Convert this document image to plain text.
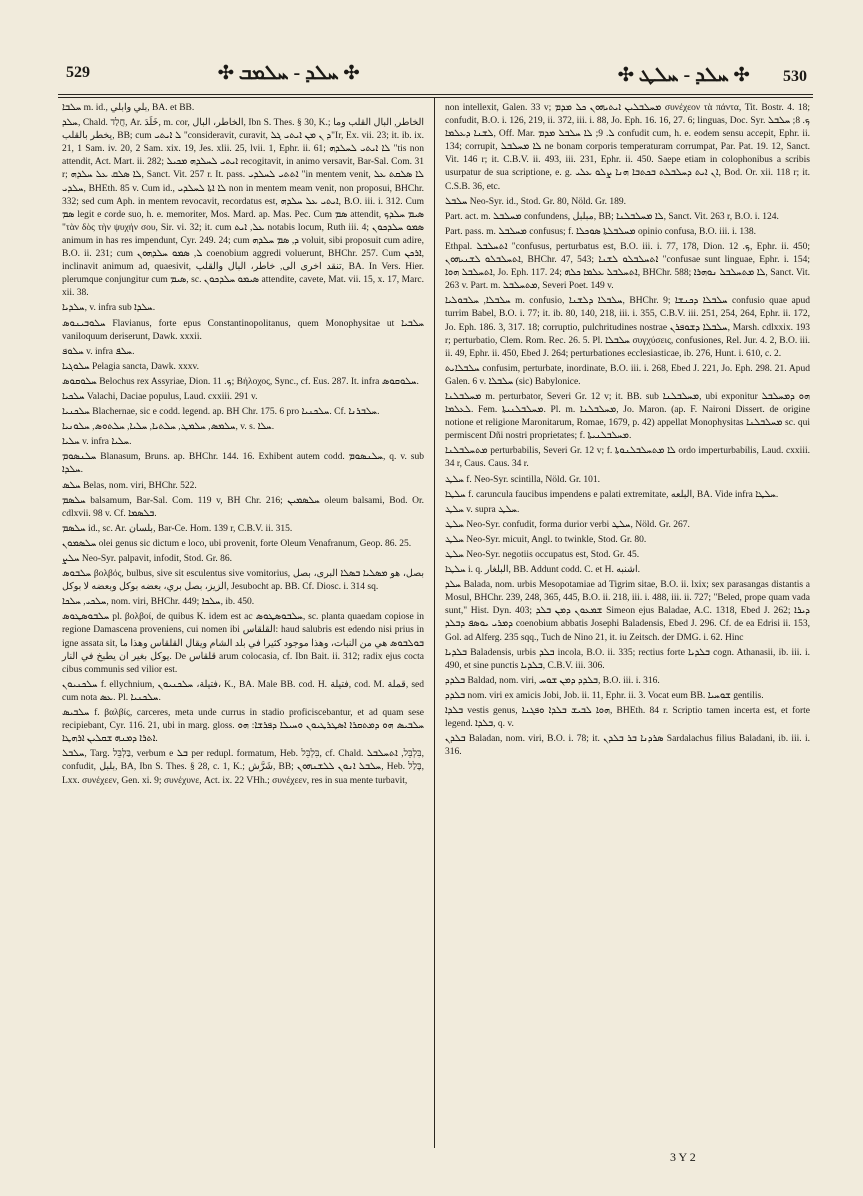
529	✣ ܚܠܕ - ܚܠܡܒ ✣	✣ ܚܠܕ - ܚܠܛ ✣ 530
ܚܠܒܐ m. id., بلي وابلي, BA. et BB.
ܚܠܕ, Chald. חֲלַד, Ar. خَلَدَ, m. cor, الخاطر، البال, Ibn S. Thes. § 30, K.; الخاطر, البال القلب وما يخطر بالقلب, BB; cum ܠ ܐܝܬܝ "consideravit, curavit, ܕ ܢ ܡܢ ܐܝܬܝ ܓܠ"Ir, Ex. vii. 23; it. ib. ix. 21, 1 Sam. iv. 20, 2 Sam. xix. 19, Jes. xlii. 25, lvii. 1, Ephr. ii. 61; ܠܐ ܐܝܬܝ ܠܚܠܕܗ "tis non attendit, Act. Mart. ii. 282; ܐܝܬܝ ܠܚܠܕܗ ܡܟܝܠ recogitavit, in animo versavit, Bar-Sal. Com. 31 r; ܠܐ ܣܠܩ ܥܠ ܚܠܕܗ, Sanct. Vit. 257 r. It. pass. ܐܬܬܝ ܠܚܠܕܝ "in mentem venit, ܠܐ ܣܠܩܬ ܥܠ ܚܠܕܝ, BHEth. 85 v. Cum id., ܠܐ ܐܬܐ ܠܚܠܕܝ non in mentem meam venit, non proposui, BHChr. 332; sed cum Aph. in mentem revocavit, recordatus est, ܐܝܬܝ ܥܠ ܚܠܕܗ, B.O. iii. i. 312. Cum ܣܡ legit e corde suo, h. e. memoriter, Mos. Mard. ap. Mas. Pec. Cum ܣܡ attendit, ܣܝܡ ܚܠܕܟ "τὰν δὸς τὴν ψυχήν σου, Sir. vi. 32; it. cum ܥܠ, ܐܝܬ notabis locum, Ruth iii. 4; ܣܡܘ ܚܠܕܟܘܢ animum in has res impendunt, Cyr. 249. 24; cum ܕ, ܣܡ ܚܠܕܗ voluit, sibi proposuit cum adire, B.O. ii. 231; cum ܠ, ܣܡܘ ܚܠܕܗܘܢ coenobium aggredi voluerunt, BHChr. 257. Cum ܐܪܟܢ, inclinavit animum ad, quaesivit, تنقد اخرى الى, خاطر، البال والقلب, BA. In Vers. Hier. plerumque conjungitur cum ܣܝܡ, sc. ܣܝܡܘ ܚܠܕܟܘܢ attendite, cavete, Mat. vii. 15, x. 17, Marc. xii. 38.
ܚܠܕܝܐ, v. infra sub ܚܠܕܐ.
ܚܠܘܒܝܢܘܣ Flavianus, forte epus Constantinopolitanus, quem Monophysitae ut ܚܠܒܝܐ vaniloquum deriserunt, Dawk. xxxii.
ܚܠܘܦ v. infra ܚܠܦ.
ܚܠܘܓܝܐ Pelagia sancta, Dawk. xxxv.
ܚܠܘܩܘܣ Belochus rex Assyriae, Dion. ܟ. 11; Βήλοχος, Sync., cf. Eus. 287. It. infra ܚܠܘܩܘܣ.
ܚܠܟܝܐ Valachi, Daciae populus, Laud. cxxiii. 291 v.
ܚܠܟܢܝܐ Blachernae, sic e codd. legend. ap. BH Chr. 175. 6 pro ܚܠܟܢܝܐ. Cf. ܚܠܒܪܢܐ.
ܚܠܡܣ, ܚܠܡܛ, ܚܠܬܝܐ, ܚܠܝܐ, ܚܠܬܘܣ, ܚܠܘܢܝܐ, v. s. ܚܠܐ.
ܚܠܝܐ v. infra ܚܠܝܐ.
ܚܠܢܣܘܡ Blanasum, Bruns. ap. BHChr. 144. 16. Exhibent autem codd. ܚܠܢܣܘܡ, q. v. sub ܚܠܕܐ.
ܚܠܣ Belas, nom. viri, BHChr. 522.
ܚܠܣܡ balsamum, Bar-Sal. Com. 119 v, BH Chr. 216; ܚܠܣܡܝܢ oleum balsami, Bod. Or. cdlxvii. 98 v. Cf. ܒܠܣܡܐ.
ܚܠܣܡ id., sc. Ar. بلسان, Bar-Ce. Hom. 139 r, C.B.V. ii. 315.
ܚܠܣܡܘܢ olei genus sic dictum e loco, ubi provenit, forte Oleum Venafranum, Geop. 86. 25.
ܚܠܨ Neo-Syr. palpavit, infodit, Stod. Gr. 86.
ܚܠܒܘܣ βολβός, bulbus, sive sit esculentus sive vomitorius, بصل، هو ܡܣܠܝܐ ܒܣܠܐ البرى، بصل الزيز، بصل بري، بعضه بوكل وبعضه لا بوكل, Jesubocht ap. BB. Cf. Diosc. i. 314 sq.
ܚܠܟܝ, ܚܠܟܐ, nom. viri, BHChr. 449; ܚܠܟܐ, ib. 450.
ܚܠܒܘܣܛܘܣ pl. βολβοί, de quibus K. idem est ac ܚܠܒܘܣܛܘܣ, sc. planta quaedam copiose in regione Damascena proveniens, cui nomen ibi القلقاس: haud salubris est edendo nisi prius in igne assata sit, ܒܘܠܒܘܣ هي من النبات، وهذا موجود كثيرا في بلد الشام ويقال القلقاس وهذا ما يوكل بغير ان يطبخ في النار. De قلقاس arum colocasia, cf. Ibn Bait. ii. 312; radix ejus cocta cibus communis sed vilior est.
ܚܠܟܢܝܘܢ f. ellychnium, فتيلة، ܚܠܟܢܝܘܢ، K., BA. Male BB. cod. H. فتيلة, cod. M. قملة, sed cum nota ܥܣ. Pl. ܚܠܟܢܝܐ.
ܚܠܒܝܣ f. βαλβίς, carceres, meta unde currus in stadio proficiscebantur, et ad quam sese recipiebant, Cyr. 116. 21, ubi in marg. gloss. ܚܠܒܝܣ ܗܘ ܕܡܬܩܪܐ ܐܣܛܪܛܝܘܢ ܘܚܝܠܐ ܕܦܪܫܐ: ܗܘ ܐܬܪܐ ܕܡܢܗ ܫܩܠܝܢ ܐܪܗܛܐ.
ܚܠܒܠ, Targ. בַּלְבֵּל, verbum e ܒܠ per redupl. formatum, Heb. בִּלְבֵּל, cf. Chald. בִּלְבֵּל, ܐܬܚܠܒܠ, confudit, بلبل, BA, Ibn S. Thes. § 28, c. 1, K.; شَرَّش, BB; ܚܠܒܠ ܐܢܘܢ ܠܠܫܢܗܘܢ, Heb. בָּלַל, Lxx. συνέχεεν, Gen. xi. 9; συνέχυνε, Act. ix. 22 VHh.; συνέχεεν, res in sua mente turbavit,
non intellexit, Galen. 33 v; ܡܚܠܒܠܝܢ ܐܝܬܝܗܘܢ ܟܠ ܡܕܡ συνέχεον τὰ πάντα, Tit. Bostr. 4. 18; confudit, B.O. i. 126, 219, ii. 372, iii. i. 88, Jo. Eph. 16. 16, 27. 6; linguas, Doc. Syr. ܟ. 8; ܚܠܒܠ ܠܫܢܐ ܕܥܠܡܐ, Off. Mar. ܠ. 9; ܠܐ ܚܠܒܠ ܡܕܡ confudit cum, h. e. eodem sensu accepit, Ephr. ii. 134; corrupit, ܠܐ ܡܚܠܒܠ ne bonam corporis temperaturam corrumpat, Par. Pat. 19. 12, Sanct. Vit. 146 r; it. C.B.V. ii. 493, iii. 231, Ephr. ii. 450. Saepe etiam in colophonibus a scribis usurpatur de sua scriptione, e. g. ܐܢ ܐܝܬ ܕܚܠܒܠܬ ܒܟܬܒܐ ܗܢܐ ܨܠܘ ܥܠܝ, Bod. Or. xii. 118 r; it. C.S.B. 36, etc.
ܚܠܒܠ Neo-Syr. id., Stod. Gr. 80, Nöld. Gr. 189.
Part. act. m. ܡܚܠܒܠ confundens, مبلبل, BB; ܠܐ ܡܚܠܒܠܢܐ, Sanct. Vit. 263 r, B.O. i. 124.
Part. pass. m. ܡܚܠܒܠ confusus; f. ܡܚܠܒܠܬܐ ܣܘܟܠܐ opinio confusa, B.O. iii. i. 138.
Ethpal. ܐܬܚܠܒܠ "confusus, perturbatus est, B.O. iii. i. 77, 178, Dion. ܟ. 12, Ephr. ii. 450; ܐܬܚܠܒܠܘ ܠܫܢܝܗܘܢ, BHChr. 47, 543; ܐܬܚܠܒܠܘ ܠܫܢܐ "confusae sunt linguae, Ephr. i. 154; ܐܬܚܠܒܠ ܗܘܐ, Jo. Eph. 117. 24; ܐܬܚܠܒܠ ܥܠܡܐ ܟܠܗ, BHChr. 588; ܠܐ ܡܬܚܠܒܠ ܢܘܗܪܐ, Sanct. Vit. 263 v. Part. m. ܡܬܚܠܒܠ, Severi Poet. 149 v.
ܚܠܒܠܐ, ܚܠܒܘܠܝܐ m. confusio, ܚܠܒܠܐ ܕܠܫܢܐ, BHChr. 9; ܚܠܒܠܐ ܕܟܢܫܐ confusio quae apud turrim Babel, B.O. i. 77; it. ib. 80, 140, 218, iii. i. 355, C.B.V. iii. 251, 254, 264, Ephr. ii. 172, Jo. Eph. 186. 3, 317. 18; corruptio, pulchritudines nostrae ܚܠܒܠܐ ܕܫܘܦܪܢ, Marsh. cdlxxix. 193 r; perturbatio, Clem. Rom. Rec. 26. 5. Pl. ܚܠܒܠܐ συγχύσεις, confusiones, Rel. Jur. 4. 2, B.O. iii. ii. 49, Ephr. ii. 450, Ebed J. 264; perturbationes ecclesiasticae, ib. 276, Hunt. i. 610, c. 2.
ܚܠܒܠܐܝܬ confusim, perturbate, inordinate, B.O. iii. i. 268, Ebed J. 221, Jo. Eph. 298. 21. Apud Galen. 6 v. ܚܠܒܠܐ (sic) Babylonice.
ܡܚܠܒܠܢܐ m. perturbator, Severi Gr. 12 v; it. BB. sub ܡܚܠܒܠܢܐ, ubi exponitur ܗܘ ܕܡܚܠܒܠ ܠܥܠܡܐ. Fem. ܡܚܠܒܠܢܝܬܐ. Pl. m. ܡܚܠܒܠܢܐ, Jo. Maron. (ap. F. Naironi Dissert. de origine notione et religione Maronitarum, Romae, 1679, p. 42) appellat Monophysitas ܡܚܠܒܠܢܐ sc. qui permiscent Dñi nostri proprietates; f. ܡܚܠܒܠܢܝܬܐ.
ܡܬܚܠܒܠܢܐ perturbabilis, Severi Gr. 12 v; f. ܠܐ ܡܬܚܠܒܠܢܘܬܐ ordo imperturbabilis, Laud. cxxiii. 34 r, Caus. Caus. 34 r.
ܚܠܛ f. Neo-Syr. scintilla, Nöld. Gr. 101.
ܚܠܛܐ f. caruncula faucibus impendens e palati extremitate, البلعه, BA. Vide infra ܚܠܛܐ.
ܚܠܛ v. supra ܚܠܛ.
ܚܠܛ Neo-Syr. confudit, forma durior verbi ܚܠܛ, Nöld. Gr. 267.
ܚܠܛ Neo-Syr. micuit, Angl. to twinkle, Stod. Gr. 80.
ܚܠܛ Neo-Syr. negotiis occupatus est, Stod. Gr. 45.
ܚܠܛܐ i. q. البلغار, BB. Addunt codd. C. et H. اشنبه.
ܚܠܕ Balada, nom. urbis Mesopotamiae ad Tigrim sitae, B.O. ii. lxix; sex parasangas distantis a Mosul, BHChr. 239, 248, 365, 445, B.O. ii. 218, iii. i. 488, iii. ii. 727; "Beled, prope quam vada sunt," Hist. Dyn. 403; ܫܡܥܘܢ ܕܡܢ ܒܠܕ Simeon ejus Baladae, A.C. 1318, Ebed J. 262; ܕܝܪܐ ܕܡܪܝ ܝܘܣܦ ܕܒܠܕ coenobium abbatis Josephi Baladensis, Ebed J. 296. Cf. de ea Edrisi ii. 153, Gol. ad Alferg. 235 sqq., Tuch de Nino 21, it. iu Zeitsch. der DMG. i. 62. Hinc
ܒܠܕܝܐ Baladensis, urbis ܒܠܕ incola, B.O. ii. 335; rectius forte ܒܠܕܝܐ cogn. Athanasii, ib. iii. i. 490, et sine punctis ܒܠܕܝܐ, C.B.V. iii. 306.
ܒܠܕܕ Baldad, nom. viri, ܒܠܕܕ ܕܡܢ ܫܘܚ, B.O. iii. i. 316.
ܒܠܕܕ nom. viri ex amicis Jobi, Job. ii. 11, Ephr. ii. 3. Vocat eum BB. ܫܘܚܝܐ gentilis.
ܒܠܕܐ vestis genus, ܗܘܐ ܠܒܝܫ ܒܠܕܐ ܘܦܓܢܐ, BHEth. 84 r. Scriptio tamen incerta est, et forte legend. ܒܠܕܐ, q. v.
ܒܠܕܢ Baladan, nom. viri, B.O. i. 78; it. ܣܪܕܢܐ ܒܪ ܒܠܕܢ Sardalachus filius Baladani, ib. iii. i. 316.
3 Y 2
